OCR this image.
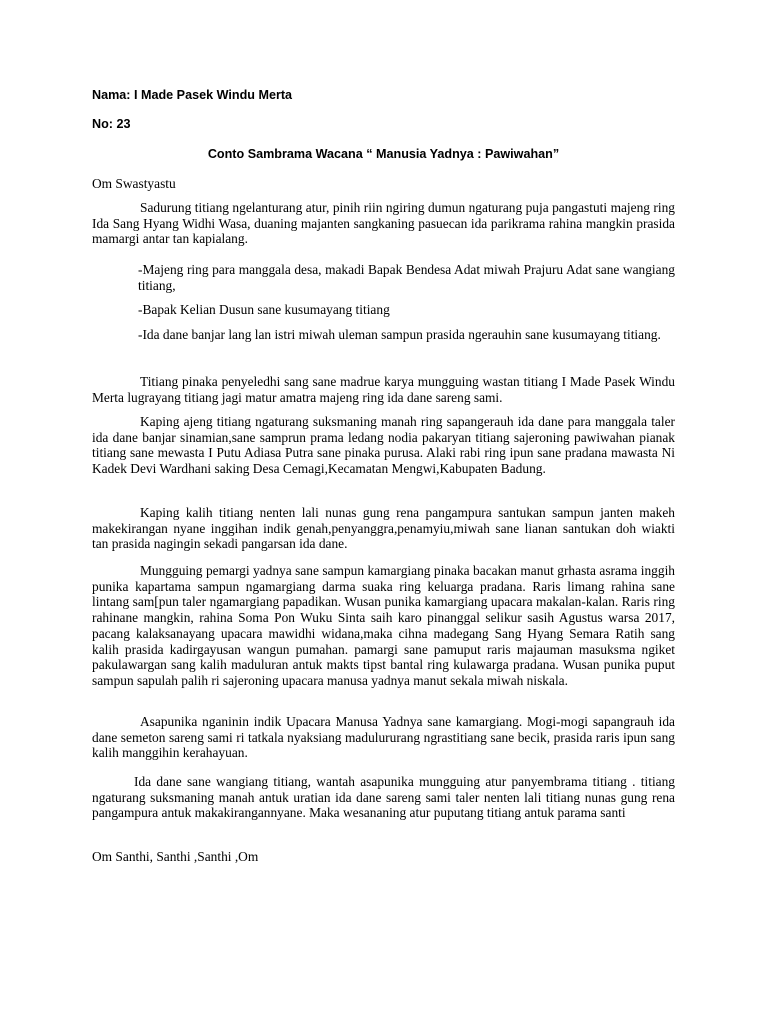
Nama: I Made Pasek Windu Merta
No: 23
Conto Sambrama Wacana “ Manusia Yadnya : Pawiwahan”
Om Swastyastu

Sadurung titiang ngelanturang atur, pinih riin ngiring dumun ngaturang puja pangastuti majeng ring Ida Sang Hyang Widhi Wasa, duaning majanten sangkaning pasuecan ida parikrama rahina mangkin prasida mamargi antar tan kapialang.

-Majeng ring para manggala desa, makadi Bapak Bendesa Adat miwah Prajuru Adat sane wangiang titiang,

-Bapak Kelian Dusun sane kusumayang titiang

-Ida dane banjar lang lan istri miwah uleman sampun prasida ngerauhin sane kusumayang titiang.

Titiang pinaka penyeledhi sang sane madrue karya mungguing wastan titiang I Made Pasek Windu Merta lugrayang titiang jagi matur amatra majeng ring ida dane sareng sami.

Kaping ajeng titiang ngaturang suksmaning manah ring sapangerauh ida dane para manggala taler ida dane banjar sinamian,sane samprun prama ledang nodia pakaryan titiang sajeroning pawiwahan pianak titiang sane mewasta I Putu Adiasa Putra sane pinaka purusa. Alaki rabi ring ipun sane pradana mawasta Ni Kadek Devi Wardhani saking Desa Cemagi,Kecamatan Mengwi,Kabupaten Badung.

Kaping kalih titiang nenten lali nunas gung rena pangampura santukan sampun janten makeh makekirangan nyane inggihan indik genah,penyanggra,penamyiu,miwah sane lianan santukan doh wiakti tan prasida nagingin sekadi pangarsan ida dane.

Mungguing pemargi yadnya sane sampun kamargiang pinaka bacakan manut grhasta asrama inggih punika kapartama sampun ngamargiang darma suaka ring keluarga pradana. Raris limang rahina sane lintang sam[pun taler ngamargiang papadikan. Wusan punika kamargiang upacara makalan-kalan. Raris ring rahinane mangkin, rahina Soma Pon Wuku Sinta saih karo pinanggal selikur sasih Agustus warsa 2017, pacang kalaksanayang upacara mawidhi widana,maka cihna madegang Sang Hyang Semara Ratih sang kalih prasida kadirgayusan wangun pumahan. pamargi sane pamuput raris majauman masuksma ngiket pakulawargan sang kalih maduluran antuk makts tipst bantal ring kulawarga pradana. Wusan punika puput sampun sapulah palih ri sajeroning upacara manusa yadnya manut sekala miwah niskala.

Asapunika nganinin indik Upacara Manusa Yadnya sane kamargiang. Mogi-mogi sapangrauh ida dane semeton sareng sami ri tatkala nyaksiang madulururang ngrastitiang sane becik, prasida raris ipun sang kalih manggihin kerahayuan.

Ida dane sane wangiang titiang, wantah asapunika mungguing atur panyembrama titiang . titiang ngaturang suksmaning manah antuk uratian ida dane sareng sami taler nenten lali titiang nunas gung rena pangampura antuk makakirangannyane. Maka wesananing atur puputang titiang antuk parama santi

Om Santhi, Santhi ,Santhi ,Om
